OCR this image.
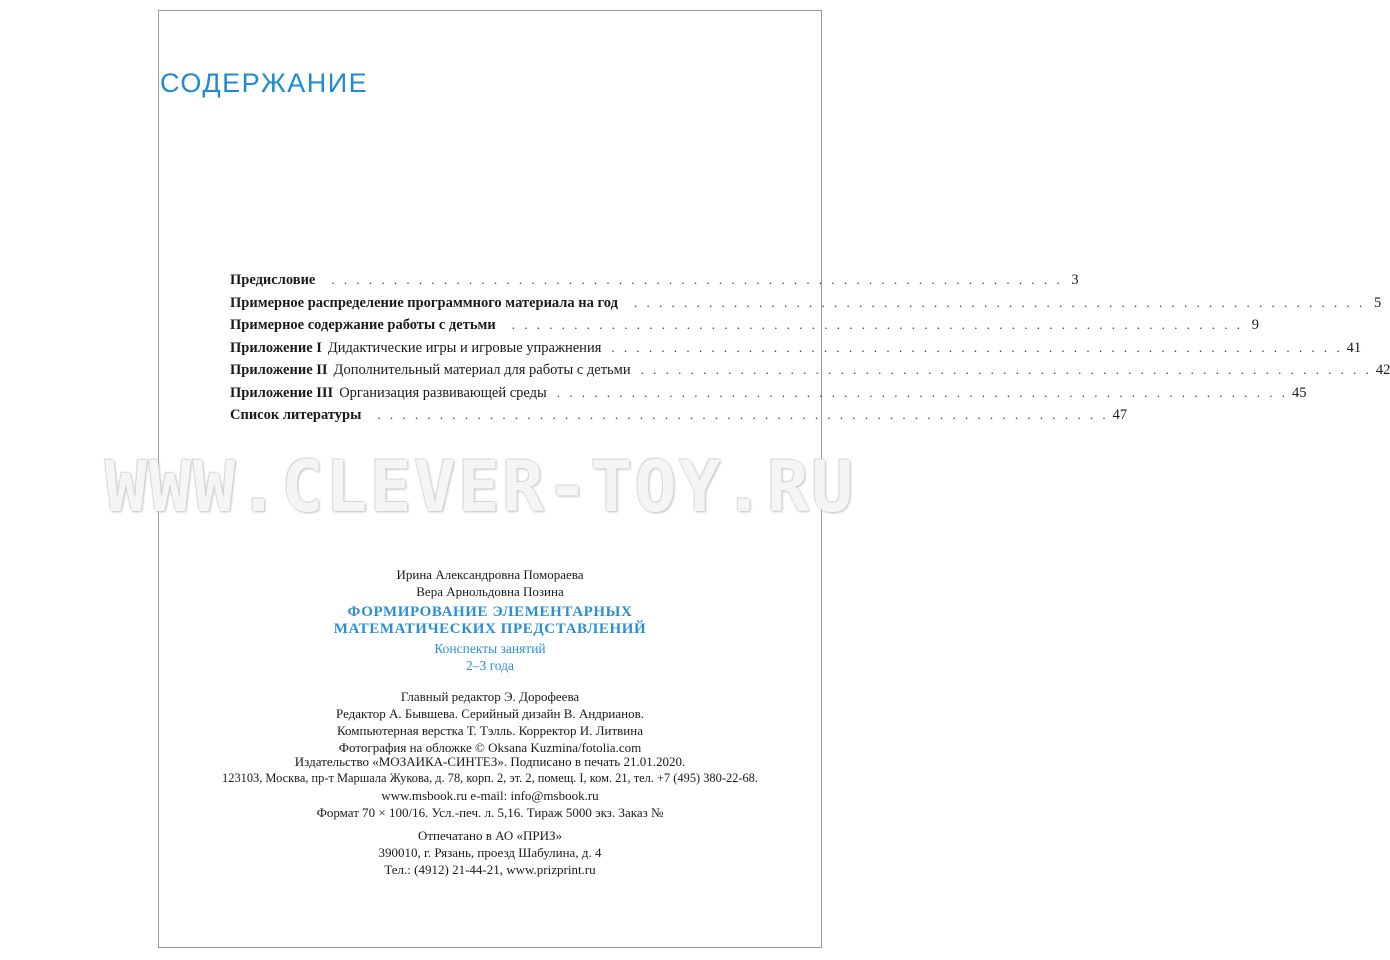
СОДЕРЖАНИЕ
Предисловие . . . . . . . . . . . . . . . . . . . . . . . . . . . . . . . . . . . . . . . . . . . . . . . . . . . . . . . . . . . 3
Примерное распределение программного материала на год . . . . . . . . . . . . . . . . . . . . . . . . . . . . . . . . . . . . . . . . . . . . . . . . . . . . . . . . . . . 5
Примерное содержание работы с детьми . . . . . . . . . . . . . . . . . . . . . . . . . . . . . . . . . . . . . . . . . . . . . . . . . . . . . . . . . . . 9
Приложение I Дидактические игры и игровые упражнения . . . . . . . . . . . . . . . . . . . . . . . . . . . . . . . . . . . . . . . . . . . . . . . . . . . . . . . . . . . 41
Приложение II Дополнительный материал для работы с детьми . . . . . . . . . . . . . . . . . . . . . . . . . . . . . . . . . . . . . . . . . . . . . . . . . . . . . . . . . . . 42
Приложение III Организация развивающей среды . . . . . . . . . . . . . . . . . . . . . . . . . . . . . . . . . . . . . . . . . . . . . . . . . . . . . . . . . . . 45
Список литературы . . . . . . . . . . . . . . . . . . . . . . . . . . . . . . . . . . . . . . . . . . . . . . . . . . . . . . . . . . . 47
WWW.CLEVER-TOY.RU
Ирина Александровна Помораева
Вера Арнольдовна Позина
ФОРМИРОВАНИЕ ЭЛЕМЕНТАРНЫХ
МАТЕМАТИЧЕСКИХ ПРЕДСТАВЛЕНИЙ
Конспекты занятий
2–3 года
Главный редактор Э. Дорофеева
Редактор А. Бывшева. Серийный дизайн В. Андрианов.
Компьютерная верстка Т. Тэлль. Корректор И. Литвина
Фотография на обложке © Oksana Kuzmina/fotolia.com
Издательство «МОЗАИКА-СИНТЕЗ». Подписано в печать 21.01.2020.
123103, Москва, пр-т Маршала Жукова, д. 78, корп. 2, эт. 2, помещ. I, ком. 21, тел. +7 (495) 380-22-68.
www.msbook.ru e-mail: info@msbook.ru
Формат 70 × 100/16. Усл.-печ. л. 5,16. Тираж 5000 экз. Заказ №
Отпечатано в АО «ПРИЗ»
390010, г. Рязань, проезд Шабулина, д. 4
Тел.: (4912) 21-44-21, www.prizprint.ru
